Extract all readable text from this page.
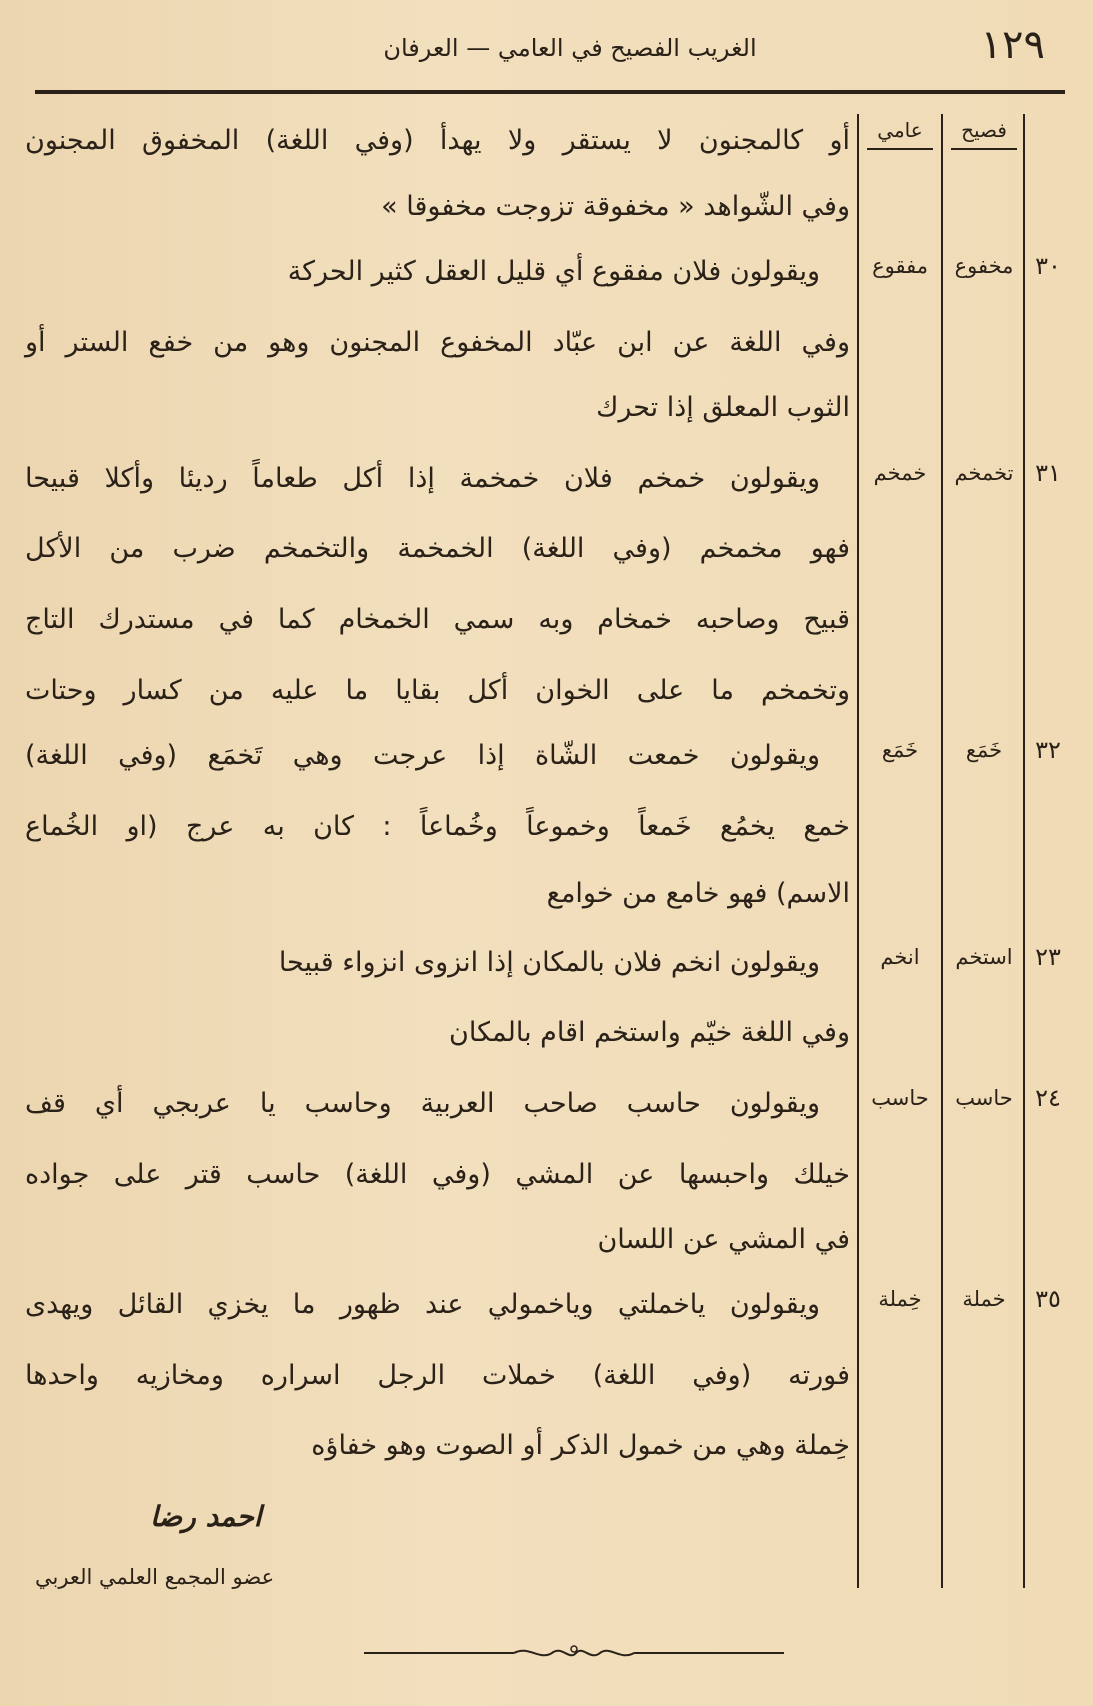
١٢٩
الغريب الفصيح في العامي — العرفان
فصيح
عامي
٣٠
مخفوع
مفقوع
٣١
تخمخم
خمخم
٣٢
خَمَع
خَمَع
٢٣
استخم
انخم
٢٤
حاسب
حاسب
٣٥
خملة
خِملة
أو كالمجنون لا يستقر ولا يهدأ (وفي اللغة) المخفوق المجنون
وفي الشّواهد « مخفوقة تزوجت مخفوقا »
ويقولون فلان مفقوع أي قليل العقل كثير الحركة
وفي اللغة عن ابن عبّاد المخفوع المجنون وهو من خفع الستر أو
الثوب المعلق إذا تحرك
ويقولون خمخم فلان خمخمة إذا أكل طعاماً رديئا وأكلا قبيحا
فهو مخمخم (وفي اللغة) الخمخمة والتخمخم ضرب من الأكل
قبيح وصاحبه خمخام وبه سمي الخمخام كما في مستدرك التاج
وتخمخم ما على الخوان أكل بقايا ما عليه من كسار وحتات
ويقولون خمعت الشّاة إذا عرجت وهي تَخمَع (وفي اللغة)
خمع يخمُع خَمعاً وخموعاً وخُماعاً : كان به عرج (او الخُماع
الاسم) فهو خامع من خوامع
ويقولون انخم فلان بالمكان إذا انزوى انزواء قبيحا
وفي اللغة خيّم واستخم اقام بالمكان
ويقولون حاسب صاحب العربية وحاسب يا عربجي أي قف
خيلك واحبسها عن المشي (وفي اللغة) حاسب قتر على جواده
في المشي عن اللسان
ويقولون ياخملتي وياخمولي عند ظهور ما يخزي القائل ويهدى
فورته (وفي اللغة) خملات الرجل اسراره ومخازيه واحدها
خِملة وهي من خمول الذكر أو الصوت وهو خفاؤه
احمد رضا
عضو المجمع العلمي العربي
